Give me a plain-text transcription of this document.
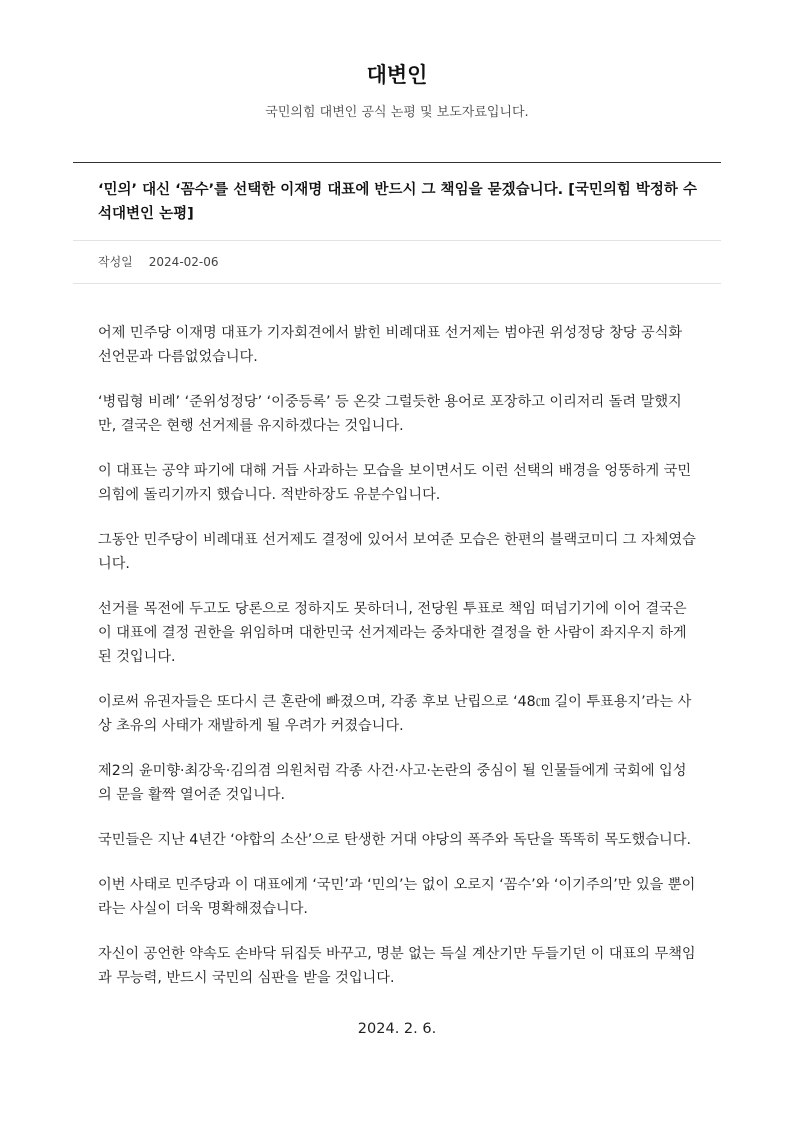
대변인
국민의힘 대변인 공식 논평 및 보도자료입니다.
‘민의’ 대신 ‘꼼수’를 선택한 이재명 대표에 반드시 그 책임을 묻겠습니다. [국민의힘 박정하 수석대변인 논평]
작성일 2024-02-06

어제 민주당 이재명 대표가 기자회견에서 밝힌 비례대표 선거제는 범야권 위성정당 창당 공식화 선언문과 다름없었습니다.

‘병립형 비례’ ‘준위성정당’ ‘이중등록’ 등 온갖 그럴듯한 용어로 포장하고 이리저리 돌려 말했지만, 결국은 현행 선거제를 유지하겠다는 것입니다.

이 대표는 공약 파기에 대해 거듭 사과하는 모습을 보이면서도 이런 선택의 배경을 엉뚱하게 국민의힘에 돌리기까지 했습니다. 적반하장도 유분수입니다.

그동안 민주당이 비례대표 선거제도 결정에 있어서 보여준 모습은 한편의 블랙코미디 그 자체였습니다.

선거를 목전에 두고도 당론으로 정하지도 못하더니, 전당원 투표로 책임 떠넘기기에 이어 결국은 이 대표에 결정 권한을 위임하며 대한민국 선거제라는 중차대한 결정을 한 사람이 좌지우지 하게 된 것입니다.

이로써 유권자들은 또다시 큰 혼란에 빠졌으며, 각종 후보 난립으로 ‘48㎝ 길이 투표용지’라는 사상 초유의 사태가 재발하게 될 우려가 커졌습니다.

제2의 윤미향·최강욱·김의겸 의원처럼 각종 사건·사고·논란의 중심이 될 인물들에게 국회에 입성의 문을 활짝 열어준 것입니다.

국민들은 지난 4년간 ‘야합의 소산’으로 탄생한 거대 야당의 폭주와 독단을 똑똑히 목도했습니다.

이번 사태로 민주당과 이 대표에게 ‘국민’과 ‘민의’는 없이 오로지 ‘꼼수’와 ‘이기주의’만 있을 뿐이라는 사실이 더욱 명확해졌습니다.

자신이 공언한 약속도 손바닥 뒤집듯 바꾸고, 명분 없는 득실 계산기만 두들기던 이 대표의 무책임과 무능력, 반드시 국민의 심판을 받을 것입니다.

2024. 2. 6.
